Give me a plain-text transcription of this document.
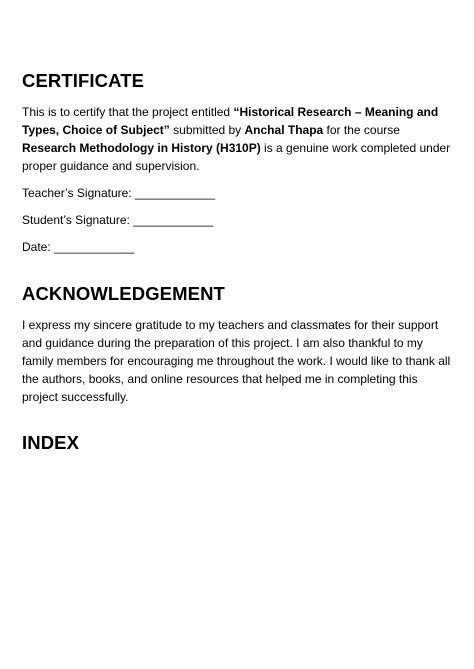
CERTIFICATE

This is to certify that the project entitled “Historical Research – Meaning and Types, Choice of Subject” submitted by Anchal Thapa for the course Research Methodology in History (H310P) is a genuine work completed under proper guidance and supervision.

Teacher’s Signature: ____________

Student’s Signature: ____________

Date: ____________

ACKNOWLEDGEMENT

I express my sincere gratitude to my teachers and classmates for their support and guidance during the preparation of this project. I am also thankful to my family members for encouraging me throughout the work. I would like to thank all the authors, books, and online resources that helped me in completing this project successfully.

INDEX
